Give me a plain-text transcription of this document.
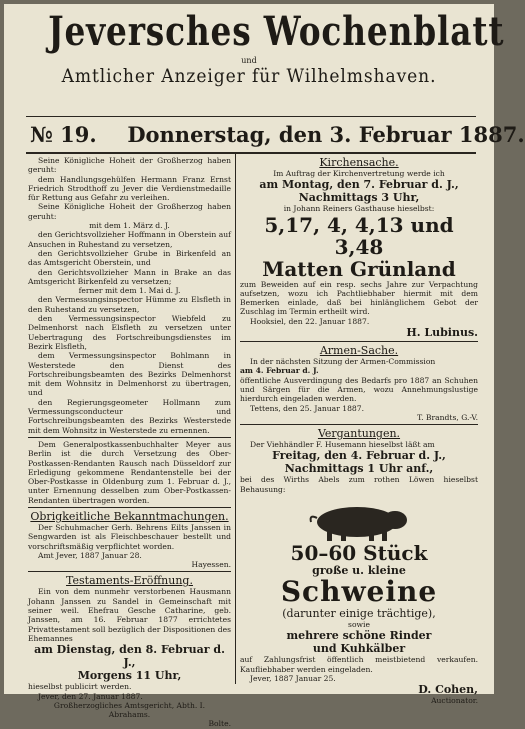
Jeversches Wochenblatt
und
Amtlicher Anzeiger für Wilhelmshaven.
№ 19. Donnerstag, den 3. Februar 1887.

Seine Königliche Hoheit der Großherzog haben geruht:

dem Handlungsgehülfen Hermann Franz Ernst Friedrich Strodthoff zu Jever die Verdienstmedaille für Rettung aus Gefahr zu verleihen.

Seine Königliche Hoheit der Großherzog haben geruht:

mit dem 1. März d. J.

den Gerichtsvollzieher Hoffmann in Oberstein auf Ansuchen in Ruhestand zu versetzen,

den Gerichtsvollzieher Grube in Birkenfeld an das Amtsgericht Oberstein, und

den Gerichtsvollzieher Mann in Brake an das Amtsgericht Birkenfeld zu versetzen;

ferner mit dem 1. Mai d. J.

den Vermessungsinspector Hümme zu Elsfleth in den Ruhestand zu versetzen,

den Vermessungsinspector Wiebfeld zu Delmenhorst nach Elsfleth zu versetzen unter Uebertragung des Fortschreibungsdienstes im Bezirk Elsfleth,

dem Vermessungsinspector Bohlmann in Westerstede den Dienst des Fortschreibungsbeamten des Bezirks Delmenhorst mit dem Wohnsitz in Delmenhorst zu übertragen, und

den Regierungsgeometer Hollmann zum Vermessungsconducteur und Fortschreibungsbeamten des Bezirks Westerstede mit dem Wohnsitz in Westerstede zu ernennen.

Dem Generalpostkassenbuchhalter Meyer aus Berlin ist die durch Versetzung des Ober-Postkassen-Rendanten Rausch nach Düsseldorf zur Erledigung gekommene Rendantenstelle bei der Ober-Postkasse in Oldenburg zum 1. Februar d. J., unter Ernennung desselben zum Ober-Postkassen-Rendanten übertragen worden.

Obrigkeitliche Bekanntmachungen.

Der Schuhmacher Gerh. Behrens Eilts Janssen in Sengwarden ist als Fleischbeschauer bestellt und vorschriftsmäßig verpflichtet worden.

Amt Jever, 1887 Januar 28.

Hayessen.

Testaments-Eröffnung.

Ein von dem nunmehr verstorbenen Hausmann Johann Janssen zu Sandel in Gemeinschaft mit seiner weil. Ehefrau Gesche Catharine, geb. Janssen, am 16. Februar 1877 errichtetes Privattestament soll bezüglich der Dispositionen des Ehemannes

am Dienstag, den 8. Februar d. J.,

Morgens 11 Uhr,

hieselbst publicirt werden.

Jever, den 27. Januar 1887.

Großherzogliches Amtsgericht, Abth. I.

Abrahams.

Bolte.

Kirchensache.

Im Auftrag der Kirchenvertretung werde ich

am Montag, den 7. Februar d. J.,

Nachmittags 3 Uhr,

in Johann Reiners Gasthause hieselbst:

5,17, 4, 4,13 und 3,48

Matten Grünland

zum Beweiden auf ein resp. sechs Jahre zur Verpachtung aufsetzen, wozu ich Pachtliebhaber hiermit mit dem Bemerken einlade, daß bei hinlänglichem Gebot der Zuschlag im Termin ertheilt wird.

Hooksiel, den 22. Januar 1887.

H. Lubinus.

Armen-Sache.

In der nächsten Sitzung der Armen-Commission

am 4. Februar d. J.

öffentliche Ausverdingung des Bedarfs pro 1887 an Schuhen und Särgen für die Armen, wozu Annehmungslustige hierdurch eingeladen werden.

Tettens, den 25. Januar 1887.

T. Brandts, G.-V.

Vergantungen.

Der Viehhändler F. Husemann hieselbst läßt am

Freitag, den 4. Februar d. J.,

Nachmittags 1 Uhr anf.,

bei des Wirths Abels zum rothen Löwen hieselbst Behausung:

50–60 Stück

große u. kleine

Schweine

(darunter einige trächtige),

sowie

mehrere schöne Rinder

und Kuhkälber

auf Zahlungsfrist öffentlich meistbietend verkaufen. Kaufliebhaber werden eingeladen.

Jever, 1887 Januar 25.

D. Cohen,

Auctionator.
